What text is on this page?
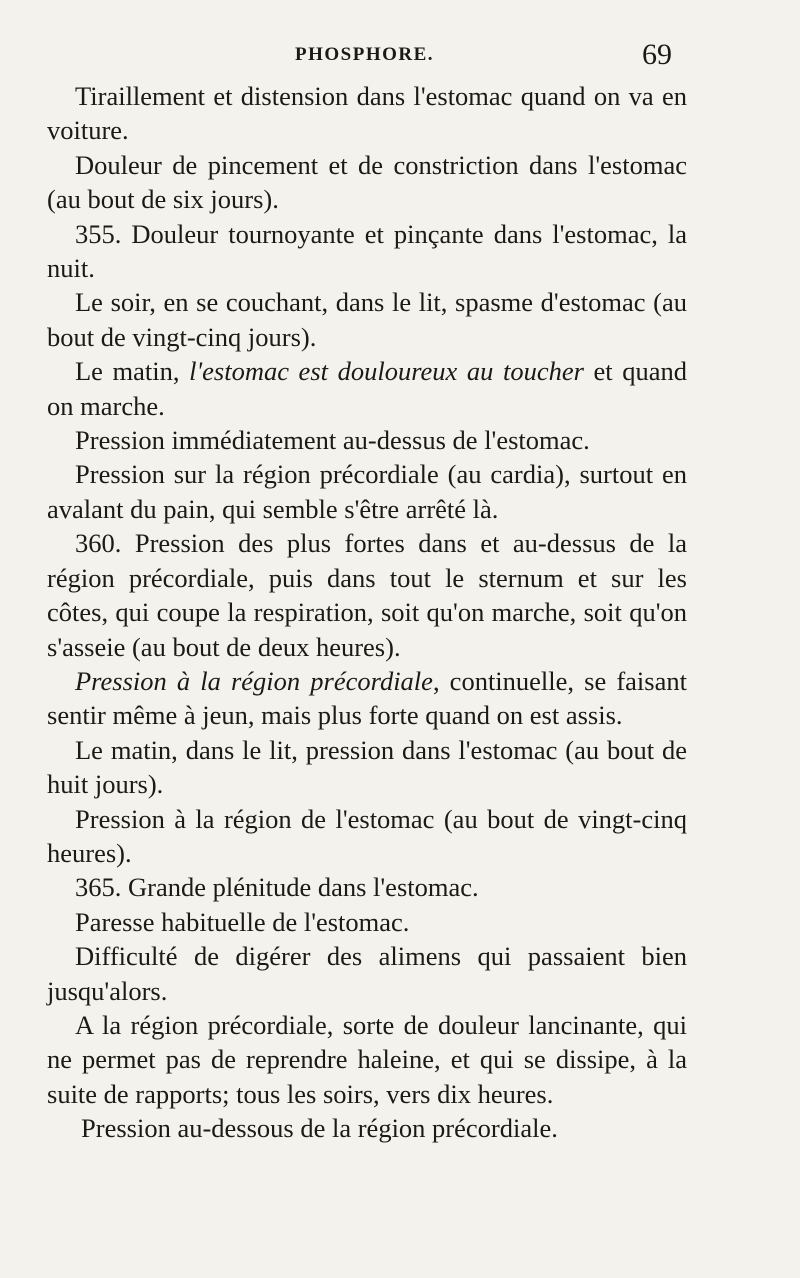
PHOSPHORE.	69

Tiraillement et distension dans l'estomac quand on va en voiture.

Douleur de pincement et de constriction dans l'estomac (au bout de six jours).

355. Douleur tournoyante et pinçante dans l'estomac, la nuit.

Le soir, en se couchant, dans le lit, spasme d'estomac (au bout de vingt-cinq jours).

Le matin, l'estomac est douloureux au toucher et quand on marche.

Pression immédiatement au-dessus de l'estomac.

Pression sur la région précordiale (au cardia), surtout en avalant du pain, qui semble s'être arrêté là.

360. Pression des plus fortes dans et au-dessus de la région précordiale, puis dans tout le sternum et sur les côtes, qui coupe la respiration, soit qu'on marche, soit qu'on s'asseie (au bout de deux heures).

Pression à la région précordiale, continuelle, se faisant sentir même à jeun, mais plus forte quand on est assis.

Le matin, dans le lit, pression dans l'estomac (au bout de huit jours).

Pression à la région de l'estomac (au bout de vingt-cinq heures).

365. Grande plénitude dans l'estomac.

Paresse habituelle de l'estomac.

Difficulté de digérer des alimens qui passaient bien jusqu'alors.

A la région précordiale, sorte de douleur lancinante, qui ne permet pas de reprendre haleine, et qui se dissipe, à la suite de rapports; tous les soirs, vers dix heures.

Pression au-dessous de la région précordiale.
